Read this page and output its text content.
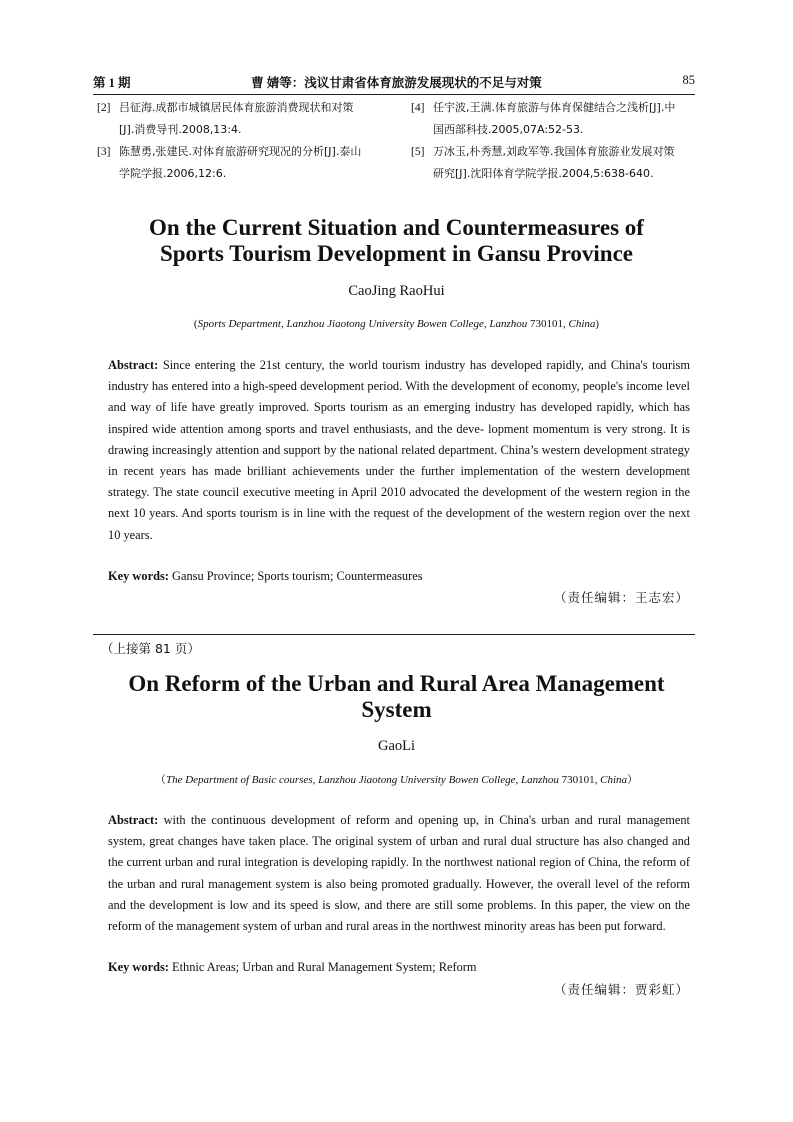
第 1 期	曹 婧等：浅议甘肃省体育旅游发展现状的不足与对策	85
[2] 吕征海.成都市城镇居民体育旅游消费现状和对策
[J].消费导刊.2008,13:4.
[3] 陈慧勇,张建民.对体育旅游研究现况的分析[J].泰山
学院学报.2006,12:6.
[4] 任宇波,王满.体育旅游与体育保健结合之浅析[J].中
国西部科技.2005,07A:52-53.
[5] 万冰玉,朴秀慧,刘政军等.我国体育旅游业发展对策
研究[J].沈阳体育学院学报.2004,5:638-640.
On the Current Situation and Countermeasures of
Sports Tourism Development in Gansu Province
CaoJing RaoHui
(Sports Department, Lanzhou Jiaotong University Bowen College, Lanzhou 730101, China)
Abstract: Since entering the 21st century, the world tourism industry has developed rapidly, and China's tourism industry has entered into a high-speed development period. With the development of economy, people's income level and way of life have greatly improved. Sports tourism as an emerging industry has developed rapidly, which has inspired wide attention among sports and travel enthusiasts, and the deve- lopment momentum is very strong. It is drawing increasingly attention and support by the national related department. China’s western development strategy in recent years has made brilliant achievements under the further implementation of the western development strategy. The state council executive meeting in April 2010 advocated the development of the western region in the next 10 years. And sports tourism is in line with the request of the development of the western region over the next 10 years.
Key words: Gansu Province; Sports tourism; Countermeasures
（责任编辑：王志宏）
（上接第 81 页）
On Reform of the Urban and Rural Area Management
System
GaoLi
（The Department of Basic courses, Lanzhou Jiaotong University Bowen College, Lanzhou 730101, China）
Abstract: with the continuous development of reform and opening up, in China's urban and rural management system, great changes have taken place. The original system of urban and rural dual structure has also changed and the current urban and rural integration is developing rapidly. In the northwest national region of China, the reform of the urban and rural management system is also being promoted gradually. However, the overall level of the reform and the development is low and its speed is slow, and there are still some problems. In this paper, the view on the reform of the management system of urban and rural areas in the northwest minority areas has been put forward.
Key words: Ethnic Areas; Urban and Rural Management System; Reform
（责任编辑：贾彩虹）
